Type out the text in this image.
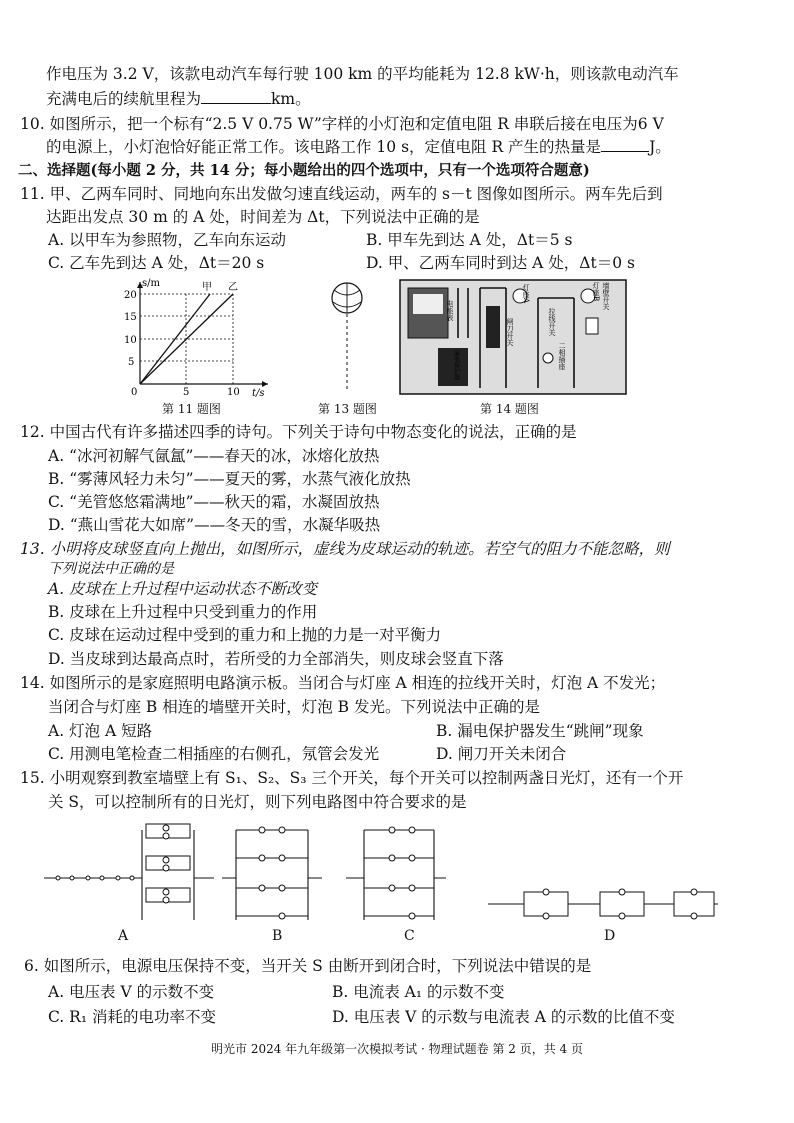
作电压为 3.2 V，该款电动汽车每行驶 100 km 的平均能耗为 12.8 kW·h，则该款电动汽车
充满电后的续航里程为	km。
10. 如图所示，把一个标有“2.5 V 0.75 W”字样的小灯泡和定值电阻 R 串联后接在电压为6 V
的电源上，小灯泡恰好能正常工作。该电路工作 10 s，定值电阻 R 产生的热量是	J。
二、选择题(每小题 2 分，共 14 分；每小题给出的四个选项中，只有一个选项符合题意)
11. 甲、乙两车同时、同地向东出发做匀速直线运动，两车的 s－t 图像如图所示。两车先后到
达距出发点 30 m 的 A 处，时间差为 Δt，下列说法中正确的是
A. 以甲车为参照物，乙车向东运动	B. 甲车先到达 A 处，Δt＝5 s
C. 乙车先到达 A 处，Δt＝20 s	D. 甲、乙两车同时到达 A 处，Δt＝0 s
s/m
t/s
20
15
10
5
0	5	10
甲 乙
第 11 题图	第 13 题图
电能表
漏电保护器
闸刀开关
灯座A
拉线开关
灯座B 墙壁开关
二相插座
第 14 题图
12. 中国古代有许多描述四季的诗句。下列关于诗句中物态变化的说法，正确的是
A. “冰河初解气氤氲”——春天的冰，冰熔化放热
B. “雾薄风轻力未匀”——夏天的雾，水蒸气液化放热
C. “羌管悠悠霜满地”——秋天的霜，水凝固放热
D. “燕山雪花大如席”——冬天的雪，水凝华吸热
13. 小明将皮球竖直向上抛出，如图所示，虚线为皮球运动的轨迹。若空气的阻力不能忽略，则
下列说法中正确的是
A. 皮球在上升过程中运动状态不断改变
B. 皮球在上升过程中只受到重力的作用
C. 皮球在运动过程中受到的重力和上抛的力是一对平衡力
D. 当皮球到达最高点时，若所受的力全部消失，则皮球会竖直下落
14. 如图所示的是家庭照明电路演示板。当闭合与灯座 A 相连的拉线开关时，灯泡 A 不发光；
当闭合与灯座 B 相连的墙壁开关时，灯泡 B 发光。下列说法中正确的是
A. 灯泡 A 短路	B. 漏电保护器发生“跳闸”现象
C. 用测电笔检查二相插座的右侧孔，氖管会发光	D. 闸刀开关未闭合
15. 小明观察到教室墙壁上有 S₁、S₂、S₃ 三个开关，每个开关可以控制两盏日光灯，还有一个开
关 S，可以控制所有的日光灯，则下列电路图中符合要求的是
A	B	C	D
6. 如图所示，电源电压保持不变，当开关 S 由断开到闭合时，下列说法中错误的是
A. 电压表 V 的示数不变	B. 电流表 A₁ 的示数不变
C. R₁ 消耗的电功率不变	D. 电压表 V 的示数与电流表 A 的示数的比值不变
明光市 2024 年九年级第一次模拟考试 · 物理试题卷 第 2 页，共 4 页
